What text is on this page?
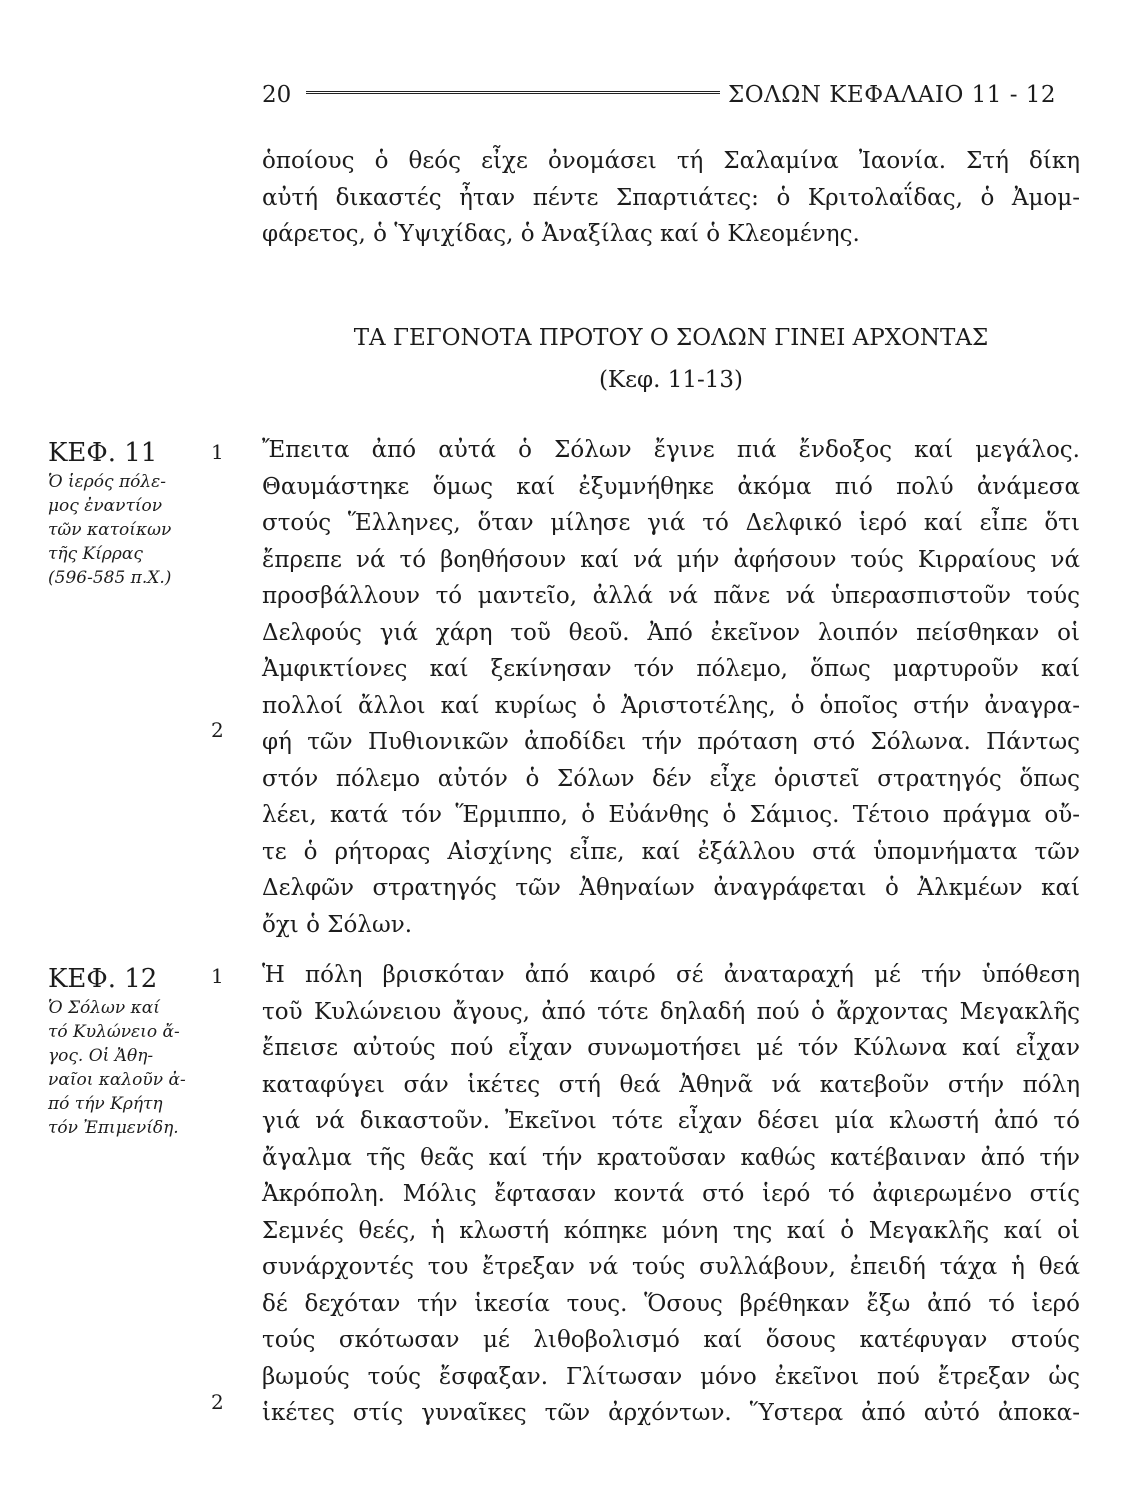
20	ΣΟΛΩΝ ΚΕΦΑΛΑΙΟ 11 - 12
ὁποίους ὁ θεός εἶχε ὀνομάσει τή Σαλαμίνα Ἰαονία. Στή δίκη
αὐτή δικαστές ἦταν πέντε Σπαρτιάτες: ὁ Κριτολαΐδας, ὁ Ἀμομ-
φάρετος, ὁ Ὑψιχίδας, ὁ Ἀναξίλας καί ὁ Κλεομένης.
ΤΑ ΓΕΓΟΝΟΤΑ ΠΡΟΤΟΥ Ο ΣΟΛΩΝ ΓΙΝΕΙ ΑΡΧΟΝΤΑΣ
(Κεφ. 11-13)
ΚΕΦ. 11
Ὁ ἱερός πόλε-
μος ἐναντίον
τῶν κατοίκων
τῆς Κίρρας
(596-585 π.Χ.)
1
2
Ἔπειτα ἀπό αὐτά ὁ Σόλων ἔγινε πιά ἔνδοξος καί μεγάλος.
Θαυμάστηκε ὅμως καί ἐξυμνήθηκε ἀκόμα πιό πολύ ἀνάμεσα
στούς Ἕλληνες, ὅταν μίλησε γιά τό Δελφικό ἱερό καί εἶπε ὅτι
ἔπρεπε νά τό βοηθήσουν καί νά μήν ἀφήσουν τούς Κιρραίους νά
προσβάλλουν τό μαντεῖο, ἀλλά νά πᾶνε νά ὑπερασπιστοῦν τούς
Δελφούς γιά χάρη τοῦ θεοῦ. Ἀπό ἐκεῖνον λοιπόν πείσθηκαν οἱ
Ἀμφικτίονες καί ξεκίνησαν τόν πόλεμο, ὅπως μαρτυροῦν καί
πολλοί ἄλλοι καί κυρίως ὁ Ἀριστοτέλης, ὁ ὁποῖος στήν ἀναγρα-
φή τῶν Πυθιονικῶν ἀποδίδει τήν πρόταση στό Σόλωνα. Πάντως
στόν πόλεμο αὐτόν ὁ Σόλων δέν εἶχε ὁριστεῖ στρατηγός ὅπως
λέει, κατά τόν Ἕρμιππο, ὁ Εὐάνθης ὁ Σάμιος. Τέτοιο πράγμα οὔ-
τε ὁ ρήτορας Αἰσχίνης εἶπε, καί ἐξάλλου στά ὑπομνήματα τῶν
Δελφῶν στρατηγός τῶν Ἀθηναίων ἀναγράφεται ὁ Ἀλκμέων καί
ὄχι ὁ Σόλων.
ΚΕΦ. 12
Ὁ Σόλων καί
τό Κυλώνειο ἄ-
γος. Οἱ Ἀθη-
ναῖοι καλοῦν ἀ-
πό τήν Κρήτη
τόν Ἐπιμενίδη.
1
2
Ἡ πόλη βρισκόταν ἀπό καιρό σέ ἀναταραχή μέ τήν ὑπόθεση
τοῦ Κυλώνειου ἄγους, ἀπό τότε δηλαδή πού ὁ ἄρχοντας Μεγακλῆς
ἔπεισε αὐτούς πού εἶχαν συνωμοτήσει μέ τόν Κύλωνα καί εἶχαν
καταφύγει σάν ἱκέτες στή θεά Ἀθηνᾶ νά κατεβοῦν στήν πόλη
γιά νά δικαστοῦν. Ἐκεῖνοι τότε εἶχαν δέσει μία κλωστή ἀπό τό
ἄγαλμα τῆς θεᾶς καί τήν κρατοῦσαν καθώς κατέβαιναν ἀπό τήν
Ἀκρόπολη. Μόλις ἔφτασαν κοντά στό ἱερό τό ἀφιερωμένο στίς
Σεμνές θεές, ἡ κλωστή κόπηκε μόνη της καί ὁ Μεγακλῆς καί οἱ
συνάρχοντές του ἔτρεξαν νά τούς συλλάβουν, ἐπειδή τάχα ἡ θεά
δέ δεχόταν τήν ἱκεσία τους. Ὅσους βρέθηκαν ἔξω ἀπό τό ἱερό
τούς σκότωσαν μέ λιθοβολισμό καί ὅσους κατέφυγαν στούς
βωμούς τούς ἔσφαξαν. Γλίτωσαν μόνο ἐκεῖνοι πού ἔτρεξαν ὡς
ἱκέτες στίς γυναῖκες τῶν ἀρχόντων. Ὕστερα ἀπό αὐτό ἀποκα-
